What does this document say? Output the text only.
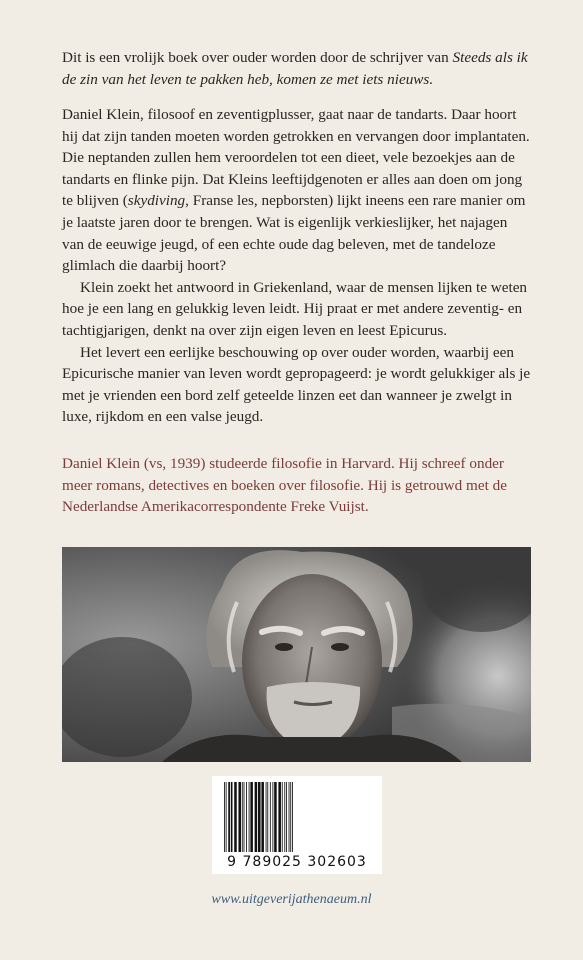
Dit is een vrolijk boek over ouder worden door de schrijver van Steeds als ik de zin van het leven te pakken heb, komen ze met iets nieuws.

Daniel Klein, filosoof en zeventigplusser, gaat naar de tandarts. Daar hoort hij dat zijn tanden moeten worden getrokken en vervangen door implantaten. Die neptanden zullen hem veroordelen tot een dieet, vele bezoekjes aan de tandarts en flinke pijn. Dat Kleins leeftijdgenoten er alles aan doen om jong te blijven (skydiving, Franse les, nepborsten) lijkt ineens een rare manier om je laatste jaren door te brengen. Wat is eigenlijk verkieslijker, het najagen van de eeuwige jeugd, of een echte oude dag beleven, met de tandeloze glimlach die daarbij hoort?

Klein zoekt het antwoord in Griekenland, waar de mensen lijken te weten hoe je een lang en gelukkig leven leidt. Hij praat er met andere zeventig- en tachtigjarigen, denkt na over zijn eigen leven en leest Epicurus.

Het levert een eerlijke beschouwing op over ouder worden, waarbij een Epicurische manier van leven wordt gepropageerd: je wordt gelukkiger als je met je vrienden een bord zelf geteelde linzen eet dan wanneer je zwelgt in luxe, rijkdom en een valse jeugd.

Daniel Klein (vs, 1939) studeerde filosofie in Harvard. Hij schreef onder meer romans, detectives en boeken over filosofie. Hij is getrouwd met de Nederlandse Amerikacorrespondente Freke Vuijst.
9 789025 302603
www.uitgeverijathenaeum.nl
